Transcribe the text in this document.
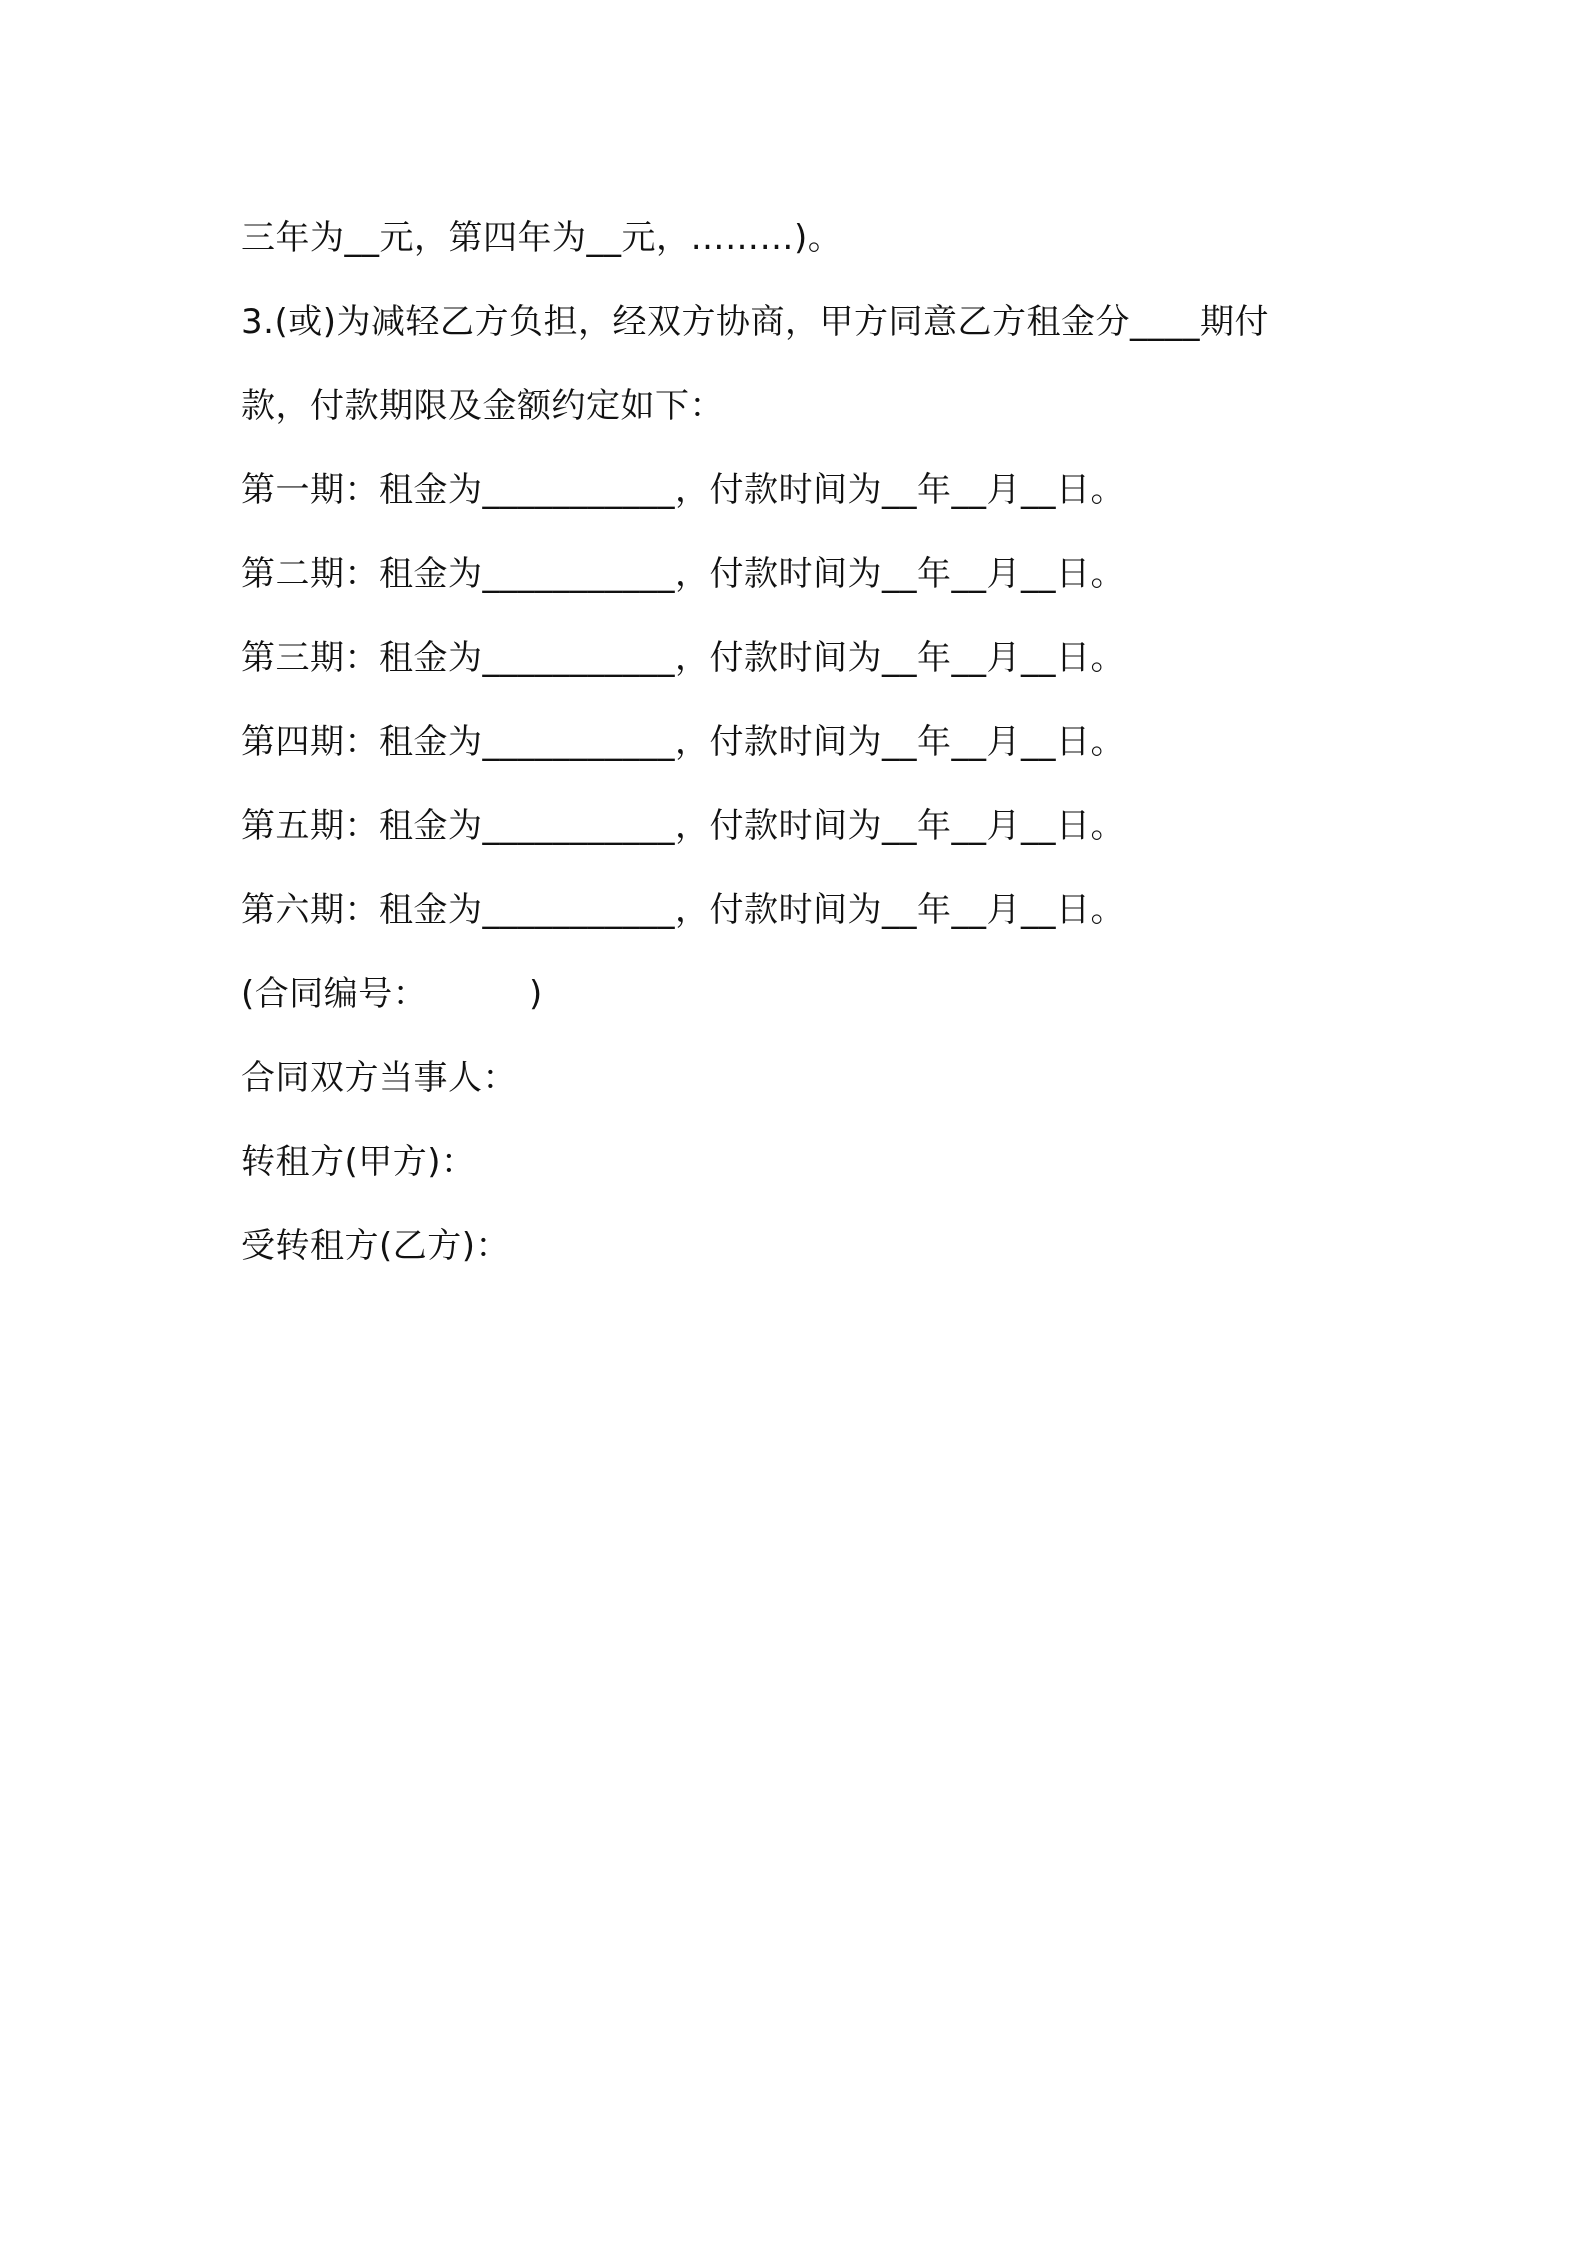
三年为__元，第四年为__元，………)。
3.(或)为减轻乙方负担，经双方协商，甲方同意乙方租金分____期付
款，付款期限及金额约定如下：
第一期：租金为___________，付款时间为__年__月__日。
第二期：租金为___________，付款时间为__年__月__日。
第三期：租金为___________，付款时间为__年__月__日。
第四期：租金为___________，付款时间为__年__月__日。
第五期：租金为___________，付款时间为__年__月__日。
第六期：租金为___________，付款时间为__年__月__日。
(合同编号：         )
合同双方当事人：
转租方(甲方)：
受转租方(乙方)：
